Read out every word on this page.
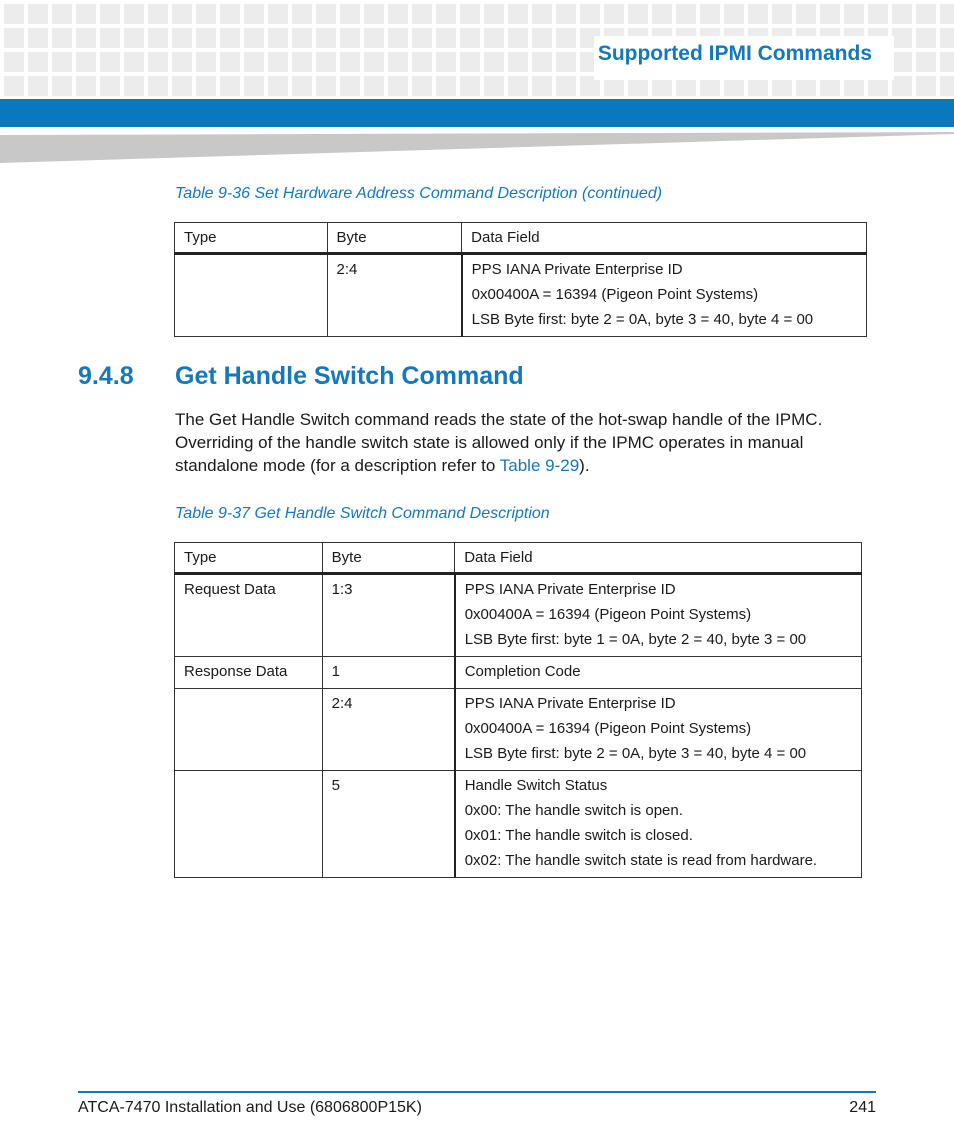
Supported IPMI Commands
Table 9-36 Set Hardware Address Command Description (continued)
Type	Byte	Data Field
	2:4	PPS IANA Private Enterprise ID
0x00400A = 16394 (Pigeon Point Systems)
LSB Byte first: byte 2 = 0A, byte 3 = 40, byte 4 = 00
9.4.8 Get Handle Switch Command
The Get Handle Switch command reads the state of the hot-swap handle of the IPMC. Overriding of the handle switch state is allowed only if the IPMC operates in manual standalone mode (for a description refer to Table 9-29).
Table 9-37 Get Handle Switch Command Description
Type	Byte	Data Field
Request Data	1:3	PPS IANA Private Enterprise ID
0x00400A = 16394 (Pigeon Point Systems)
LSB Byte first: byte 1 = 0A, byte 2 = 40, byte 3 = 00

Response Data	1	Completion Code

	2:4	PPS IANA Private Enterprise ID
0x00400A = 16394 (Pigeon Point Systems)
LSB Byte first: byte 2 = 0A, byte 3 = 40, byte 4 = 00

	5	Handle Switch Status
0x00: The handle switch is open.
0x01: The handle switch is closed.
0x02: The handle switch state is read from hardware.
ATCA-7470 Installation and Use (6806800P15K)	241
